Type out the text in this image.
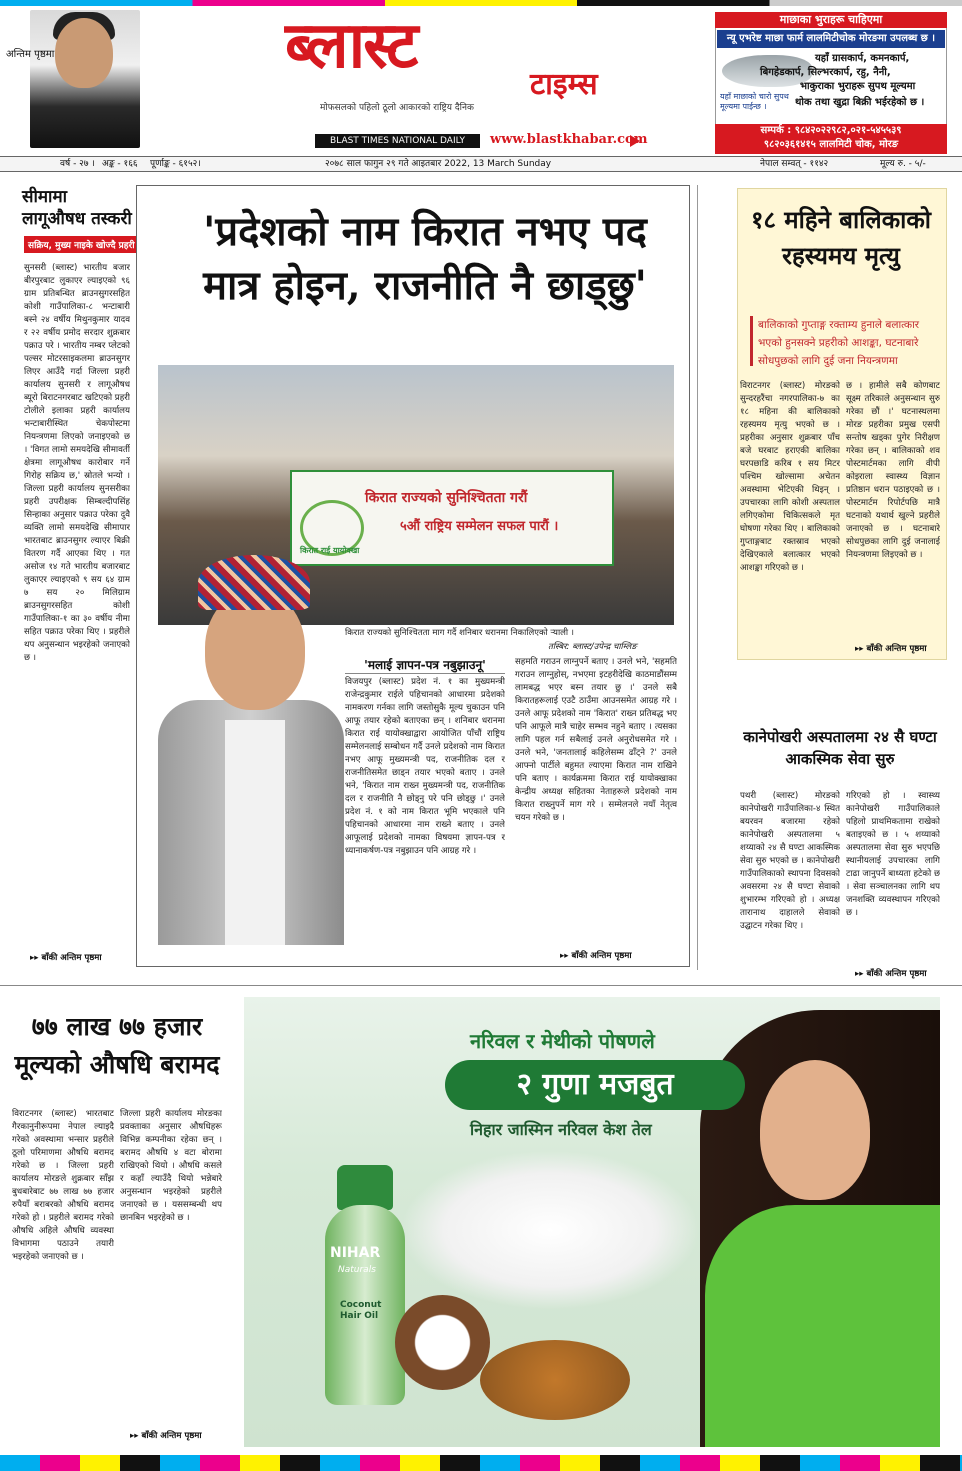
अन्तिम पृष्ठमा	ब्लास्ट
टाइम्स
मोफसलको पहिलो ठूलो आकारको राष्ट्रिय दैनिक
BLAST TIMES NATIONAL DAILY	www.blastkhabar.com
माछाका भुराहरू चाहिएमा
न्यू एभरेष्ट माछा फार्म लालमिटीचोक मोरङमा उपलब्ध छ ।
यहाँ ग्रासकार्प, कमनकार्प,
बिगहेडकार्प, सिल्भरकार्प, रहु, नैनी,
भाकुराका भुराहरू सुपथ मूल्यमा
थोक तथा खुद्रा बिक्री भईरहेको छ ।
यहाँ माछाको चारो सुपथ मूल्यमा पाईन्छ ।
सम्पर्क : ९८४२०२२९८२,०२१-५४५५३९
९८२०३६१४१५ लालमिटी चोक, मोरङ
वर्ष - २७ । अङ्क - १६६ पूर्णाङ्क - ६१५२।	२०७८ साल फागुन २९ गते आइतबार 2022, 13 March Sunday	नेपाल सम्वत् - ११४२	मूल्य रु. - ५/-
सीमामा लागूऔषध तस्करी
सक्रिय, मुख्य नाइके खोज्दै प्रहरी
सुनसरी (ब्लास्ट) भारतीय बजार बीरपुरबाट लुकाएर ल्याइएको ९६ ग्राम प्रतिबन्धित ब्राउनसुगरसहित कोशी गाउँपालिका-८ भन्टाबारी बस्ने २४ वर्षीय मिथुनकुमार यादव र २२ वर्षीय प्रमोद सरदार शुक्रबार पक्राउ परे । भारतीय नम्बर प्लेटको पल्सर मोटरसाइकलमा ब्राउनसुगर लिएर आउँदै गर्दा जिल्ला प्रहरी कार्यालय सुनसरी र लागूऔषध ब्यूरो बिराटनगरबाट खटिएको प्रहरी टोलीले इलाका प्रहरी कार्यालय भन्टाबारीस्थित चेकपोस्टमा नियन्त्रणमा लिएको जनाइएको छ । 'विगत लामो समयदेखि सीमावर्ती क्षेत्रमा लागूऔषध कारोबार गर्ने गिरोह सक्रिय छ,' स्रोतले भन्यो । जिल्ला प्रहरी कार्यालय सुनसरीका प्रहरी उपरीक्षक सिम्बल्दीपसिंह सिन्हाका अनुसार पक्राउ परेका दुवै व्यक्ति लामो समयदेखि सीमापार भारतबाट ब्राउनसुगर ल्याएर बिक्री वितरण गर्दै आएका थिए । गत असोज १४ गते भारतीय बजारबाट लुकाएर ल्याइएको ९ सय ६४ ग्राम ७ सय २० मिलिग्राम ब्राउनसुगरसहित कोशी गाउँपालिका-१ का ३० वर्षीय नीमा सहित पक्राउ परेका थिए । प्रहरीले थप अनुसन्धान भइरहेको जनाएको छ ।
▸▸ बाँकी अन्तिम पृष्ठमा
'प्रदेशको नाम किरात नभए पद मात्र होइन, राजनीति नै छाड्छु'
किरात राज्यको सुनिश्चितता गरौं
५औं राष्ट्रिय सम्मेलन सफल पारौं ।
किरात राई यायोक्खा
किरात राज्यको सुनिश्चितता माग गर्दै शनिबार धरानमा निकालिएको र्‍याली ।
तस्बिर: ब्लास्ट/उपेन्द्र चाम्लिङ
'मलाई ज्ञापन-पत्र नबुझाउनू'
विजयपुर (ब्लास्ट) प्रदेश नं. १ का मुख्यमन्त्री राजेन्द्रकुमार राईले पहिचानको आधारमा प्रदेशको नामकरण गर्नका लागि जस्तोसुकै मूल्य चुकाउन पनि आफू तयार रहेको बताएका छन् । शनिबार धरानमा किरात राई यायोक्खाद्वारा आयोजित पाँचौं राष्ट्रिय सम्मेलनलाई सम्बोधन गर्दै उनले प्रदेशको नाम किरात नभए आफू मुख्यमन्त्री पद, राजनीतिक दल र राजनीतिसमेत छाड्न तयार भएको बताए । उनले भने, 'किरात नाम राख्न मुख्यमन्त्री पद, राजनीतिक दल र राजनीति नै छोड्नु परे पनि छोड्छु ।' उनले प्रदेश नं. १ को नाम किरात भूमि भएकाले पनि पहिचानको आधारमा नाम राख्ने बताए । उनले आफूलाई प्रदेशको नामका विषयमा ज्ञापन-पत्र र ध्यानाकर्षण-पत्र नबुझाउन पनि आग्रह गरे ।
सहमति गराउन लाग्नुपर्ने बताए । उनले भने, 'सहमति गराउन लाग्नुहोस्, नभएमा इटहरीदेखि काठमाडौंसम्म लामबद्ध भएर बस्न तयार छु ।' उनले सबै किरातहरूलाई एउटै ठाउँमा आउनसमेत आग्रह गरे । उनले आफू प्रदेशको नाम 'किरात' राख्न प्रतिबद्ध भए पनि आफूले मात्रै चाहेर सम्भव नहुने बताए । त्यसका लागि पहल गर्न सबैलाई उनले अनुरोधसमेत गरे । उनले भने, 'जनतालाई कहिलेसम्म ढाँट्ने ?' उनले आफ्नो पार्टीले बहुमत ल्याएमा किरात नाम राखिने पनि बताए । कार्यक्रममा किरात राई यायोक्खाका केन्द्रीय अध्यक्ष सहितका नेताहरूले प्रदेशको नाम किरात राख्नुपर्ने माग गरे । सम्मेलनले नयाँ नेतृत्व चयन गरेको छ ।
▸▸ बाँकी अन्तिम पृष्ठमा
१८ महिने बालिकाको रहस्यमय मृत्यु
बालिकाको गुप्ताङ्ग रक्ताम्य हुनाले बलात्कार भएको हुनसक्ने प्रहरीको आशङ्का, घटनाबारे सोधपुछको लागि दुई जना नियन्त्रणमा
विराटनगर (ब्लास्ट) मोरङको सुन्दरहरैंचा नगरपालिका-७ का १८ महिना की बालिकाको रहस्यमय मृत्यु भएको छ । प्रहरीका अनुसार शुक्रबार पाँच बजे घरबाट हराएकी बालिका घरपछाडि करिब १ सय मिटर पश्चिम खोल्सामा अचेतन अवस्थामा भेटिएकी थिइन् । उपचारका लागि कोशी अस्पताल लगिएकोमा चिकित्सकले मृत घोषणा गरेका थिए । बालिकाको गुप्ताङ्गबाट रक्तस्राव भएको देखिएकाले बलात्कार भएको आशङ्का गरिएको छ ।
छ । हामीले सबै कोणबाट सूक्ष्म तरिकाले अनुसन्धान सुरु गरेका छौं ।' घटनास्थलमा मोरङ प्रहरीका प्रमुख एसपी सन्तोष खड्का पुगेर निरीक्षण गरेका छन् । बालिकाको शव पोस्टमार्टमका लागि वीपी कोइराला स्वास्थ्य विज्ञान प्रतिष्ठान धरान पठाइएको छ । पोस्टमार्टम रिपोर्टपछि मात्रै घटनाको यथार्थ खुल्ने प्रहरीले जनाएको छ । घटनाबारे सोधपुछका लागि दुई जनालाई नियन्त्रणमा लिइएको छ ।
▸▸ बाँकी अन्तिम पृष्ठमा
कानेपोखरी अस्पतालमा २४ सै घण्टा आकस्मिक सेवा सुरु
पथरी (ब्लास्ट) मोरङको कानेपोखरी गाउँपालिका-४ स्थित बयरवन बजारमा रहेको कानेपोखरी अस्पतालमा ५ शय्याको २४ सै घण्टा आकस्मिक सेवा सुरु भएको छ । कानेपोखरी गाउँपालिकाको स्थापना दिवसको अवसरमा २४ सै घण्टा सेवाको शुभारम्भ गरिएको हो । अध्यक्ष तारानाथ दाहालले सेवाको उद्घाटन गरेका थिए ।
गरिएको हो । स्वास्थ्य कानेपोखरी गाउँपालिकाले पहिलो प्राथमिकतामा राखेको बताइएको छ । ५ शय्याको अस्पतालमा सेवा सुरु भएपछि स्थानीयलाई उपचारका लागि टाढा जानुपर्ने बाध्यता हटेको छ । सेवा सञ्चालनका लागि थप जनशक्ति व्यवस्थापन गरिएको छ ।
▸▸ बाँकी अन्तिम पृष्ठमा
७७ लाख ७७ हजार मूल्यको औषधि बरामद
विराटनगर (ब्लास्ट) भारतबाट गैरकानुनीरूपमा नेपाल ल्याइदै गरेको अवस्थामा भन्सार प्रहरीले ठूलो परिमाणमा औषधि बरामद गरेको छ । जिल्ला प्रहरी कार्यालय मोरङले शुक्रबार साँझ बुधबारेबाट ७७ लाख ७७ हजार रुपैयाँ बराबरको औषधि बरामद गरेको हो । प्रहरीले बरामद गरेको औषधि अहिले औषधि व्यवस्था विभागमा पठाउने तयारी भइरहेको जनाएको छ ।
जिल्ला प्रहरी कार्यालय मोरङका प्रवक्ताका अनुसार औषधिहरू विभिन्न कम्पनीका रहेका छन् । बरामद औषधि ४ वटा बोरामा राखिएको थियो । औषधि कसले र कहाँ ल्याउँदै थियो भन्नेबारे अनुसन्धान भइरहेको प्रहरीले जनाएको छ । यससम्बन्धी थप छानबिन भइरहेको छ ।
▸▸ बाँकी अन्तिम पृष्ठमा
नरिवल र मेथीको पोषणले
२ गुणा मजबुत
निहार जास्मिन नरिवल केश तेल
NIHAR
Naturals
Coconut Hair Oil
